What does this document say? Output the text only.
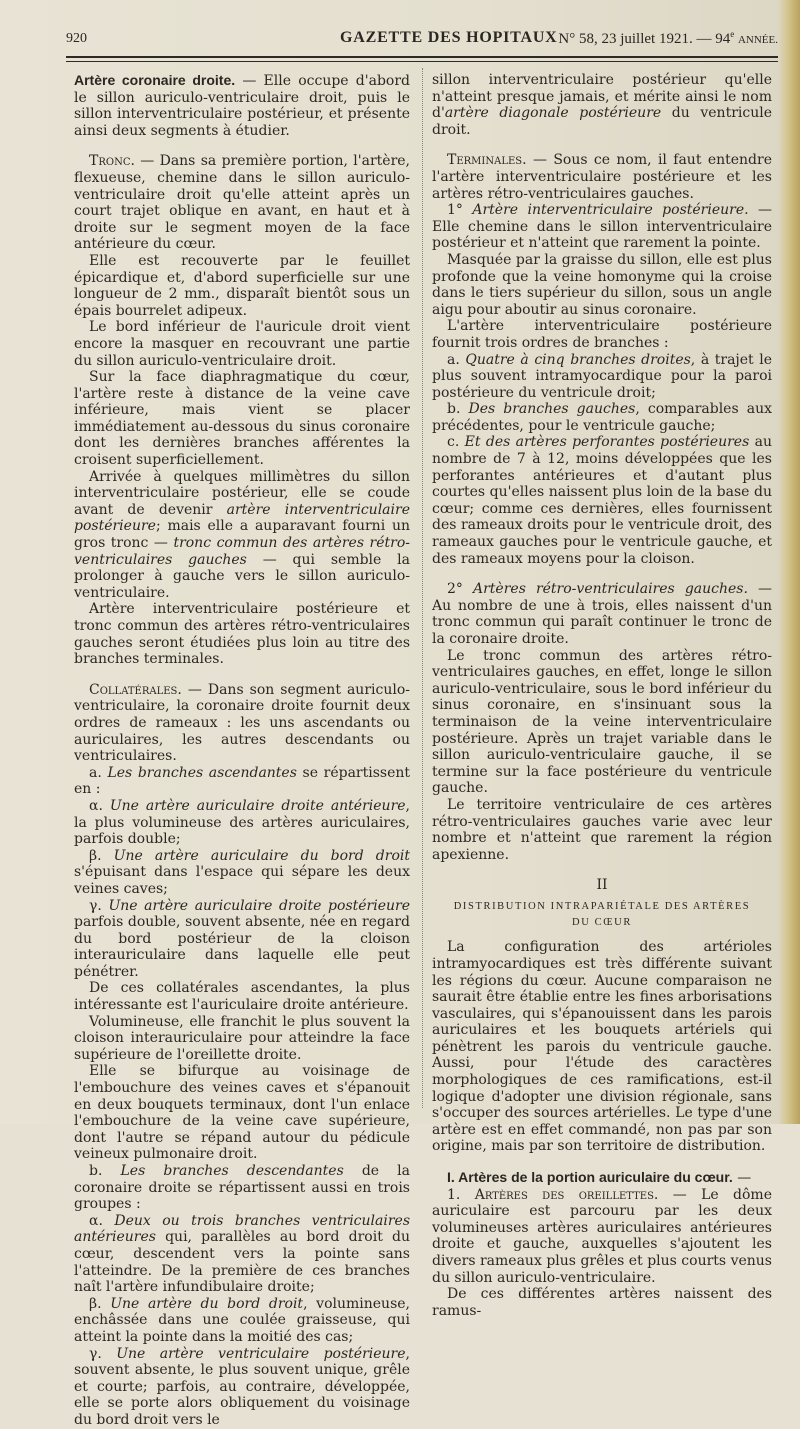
920	GAZETTE DES HOPITAUX N° 58, 23 juillet 1921. — 94e ANNÉE.

Artère coronaire droite. — Elle occupe d'abord le sillon auriculo-ventriculaire droit, puis le sillon interventriculaire postérieur, et présente ainsi deux segments à étudier.

Tronc. — Dans sa première portion, l'artère, flexueuse, chemine dans le sillon auriculo-ventriculaire droit qu'elle atteint après un court trajet oblique en avant, en haut et à droite sur le segment moyen de la face antérieure du cœur.

Elle est recouverte par le feuillet épicardique et, d'abord superficielle sur une longueur de 2 mm., disparaît bientôt sous un épais bourrelet adipeux.

Le bord inférieur de l'auricule droit vient encore la masquer en recouvrant une partie du sillon auriculo-ventriculaire droit.

Sur la face diaphragmatique du cœur, l'artère reste à distance de la veine cave inférieure, mais vient se placer immédiatement au-dessous du sinus coronaire dont les dernières branches afférentes la croisent superficiellement.

Arrivée à quelques millimètres du sillon interventriculaire postérieur, elle se coude avant de devenir artère interventriculaire postérieure; mais elle a auparavant fourni un gros tronc — tronc commun des artères rétro-ventriculaires gauches — qui semble la prolonger à gauche vers le sillon auriculo-ventriculaire.

Artère interventriculaire postérieure et tronc commun des artères rétro-ventriculaires gauches seront étudiées plus loin au titre des branches terminales.

Collatérales. — Dans son segment auriculo-ventriculaire, la coronaire droite fournit deux ordres de rameaux : les uns ascendants ou auriculaires, les autres descendants ou ventriculaires.

a. Les branches ascendantes se répartissent en :

α. Une artère auriculaire droite antérieure, la plus volumineuse des artères auriculaires, parfois double;

β. Une artère auriculaire du bord droit s'épuisant dans l'espace qui sépare les deux veines caves;

γ. Une artère auriculaire droite postérieure parfois double, souvent absente, née en regard du bord postérieur de la cloison interauriculaire dans laquelle elle peut pénétrer.

De ces collatérales ascendantes, la plus intéressante est l'auriculaire droite antérieure.

Volumineuse, elle franchit le plus souvent la cloison interauriculaire pour atteindre la face supérieure de l'oreillette droite.

Elle se bifurque au voisinage de l'embouchure des veines caves et s'épanouit en deux bouquets terminaux, dont l'un enlace l'embouchure de la veine cave supérieure, dont l'autre se répand autour du pédicule veineux pulmonaire droit.

b. Les branches descendantes de la coronaire droite se répartissent aussi en trois groupes :

α. Deux ou trois branches ventriculaires antérieures qui, parallèles au bord droit du cœur, descendent vers la pointe sans l'atteindre. De la première de ces branches naît l'artère infundibulaire droite;

β. Une artère du bord droit, volumineuse, enchâssée dans une coulée graisseuse, qui atteint la pointe dans la moitié des cas;

γ. Une artère ventriculaire postérieure, souvent absente, le plus souvent unique, grêle et courte; parfois, au contraire, développée, elle se porte alors obliquement du voisinage du bord droit vers le

sillon interventriculaire postérieur qu'elle n'atteint presque jamais, et mérite ainsi le nom d'artère diagonale postérieure du ventricule droit.

Terminales. — Sous ce nom, il faut entendre l'artère interventriculaire postérieure et les artères rétro-ventriculaires gauches.

1° Artère interventriculaire postérieure. — Elle chemine dans le sillon interventriculaire postérieur et n'atteint que rarement la pointe.

Masquée par la graisse du sillon, elle est plus profonde que la veine homonyme qui la croise dans le tiers supérieur du sillon, sous un angle aigu pour aboutir au sinus coronaire.

L'artère interventriculaire postérieure fournit trois ordres de branches :

a. Quatre à cinq branches droites, à trajet le plus souvent intramyocardique pour la paroi postérieure du ventricule droit;

b. Des branches gauches, comparables aux précédentes, pour le ventricule gauche;

c. Et des artères perforantes postérieures au nombre de 7 à 12, moins développées que les perforantes antérieures et d'autant plus courtes qu'elles naissent plus loin de la base du cœur; comme ces dernières, elles fournissent des rameaux droits pour le ventricule droit, des rameaux gauches pour le ventricule gauche, et des rameaux moyens pour la cloison.

2° Artères rétro-ventriculaires gauches. — Au nombre de une à trois, elles naissent d'un tronc commun qui paraît continuer le tronc de la coronaire droite.

Le tronc commun des artères rétro-ventriculaires gauches, en effet, longe le sillon auriculo-ventriculaire, sous le bord inférieur du sinus coronaire, en s'insinuant sous la terminaison de la veine interventriculaire postérieure. Après un trajet variable dans le sillon auriculo-ventriculaire gauche, il se termine sur la face postérieure du ventricule gauche.

Le territoire ventriculaire de ces artères rétro-ventriculaires gauches varie avec leur nombre et n'atteint que rarement la région apexienne.

II
DISTRIBUTION INTRAPARIÉTALE DES ARTÈRES
DU CŒUR

La configuration des artérioles intramyocardiques est très différente suivant les régions du cœur. Aucune comparaison ne saurait être établie entre les fines arborisations vasculaires, qui s'épanouissent dans les parois auriculaires et les bouquets artériels qui pénètrent les parois du ventricule gauche. Aussi, pour l'étude des caractères morphologiques de ces ramifications, est-il logique d'adopter une division régionale, sans s'occuper des sources artérielles. Le type d'une artère est en effet commandé, non pas par son origine, mais par son territoire de distribution.

I. Artères de la portion auriculaire du cœur. —

1. Artères des oreillettes. — Le dôme auriculaire est parcouru par les deux volumineuses artères auriculaires antérieures droite et gauche, auxquelles s'ajoutent les divers rameaux plus grêles et plus courts venus du sillon auriculo-ventriculaire.

De ces différentes artères naissent des ramus-
